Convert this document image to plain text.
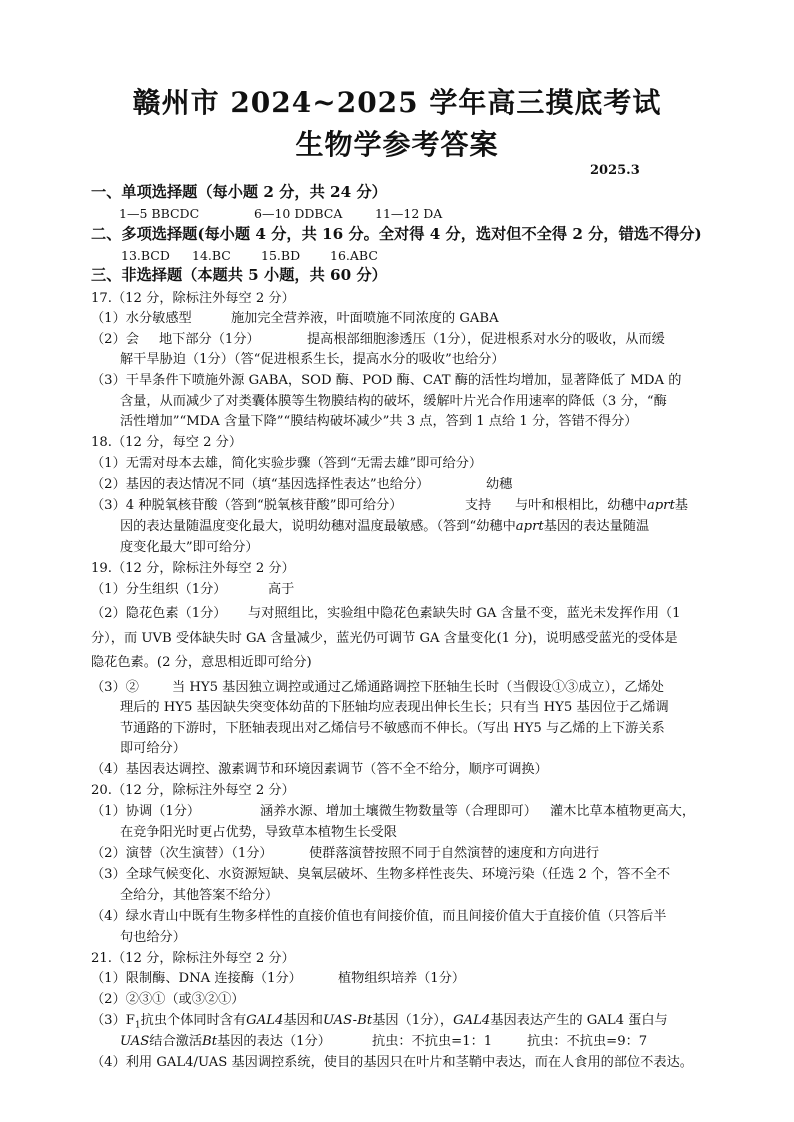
赣州市 2024~2025 学年高三摸底考试
生物学参考答案
2025.3
一、单项选择题（每小题 2 分，共 24 分）
1—5 BBCDC	6—10 DDBCA	11—12 DA
二、多项选择题(每小题 4 分，共 16 分。全对得 4 分，选对但不全得 2 分，错选不得分)
13.BCD 14.BC 15.BD 16.ABC
三、非选择题（本题共 5 小题，共 60 分）
17.（12 分，除标注外每空 2 分）
（1）水分敏感型	施加完全营养液，叶面喷施不同浓度的 GABA
（2）会 地下部分（1分）	提高根部细胞渗透压（1分），促进根系对水分的吸收，从而缓
解干旱胁迫（1分）（答“促进根系生长，提高水分的吸收”也给分）
（3）干旱条件下喷施外源 GABA，SOD 酶、POD 酶、CAT 酶的活性均增加，显著降低了 MDA 的
含量，从而减少了对类囊体膜等生物膜结构的破坏，缓解叶片光合作用速率的降低（3 分，“酶
活性增加”“MDA 含量下降”“膜结构破坏减少”共 3 点，答到 1 点给 1 分，答错不得分）
18.（12 分，每空 2 分）
（1）无需对母本去雄，简化实验步骤（答到“无需去雄”即可给分）
（2）基因的表达情况不同（填“基因选择性表达”也给分）	幼穗
（3）4 种脱氧核苷酸（答到“脱氧核苷酸”即可给分）	支持 与叶和根相比，幼穗中aprt基
因的表达量随温度变化最大，说明幼穗对温度最敏感。（答到“幼穗中aprt基因的表达量随温
度变化最大”即可给分）
19.（12 分，除标注外每空 2 分）
（1）分生组织（1分）	高于
（2）隐花色素（1分） 与对照组比，实验组中隐花色素缺失时 GA 含量不变，蓝光未发挥作用（1
分），而 UVB 受体缺失时 GA 含量减少，蓝光仍可调节 GA 含量变化(1 分)，说明感受蓝光的受体是
隐花色素。(2 分，意思相近即可给分)
（3）②	当 HY5 基因独立调控或通过乙烯通路调控下胚轴生长时（当假设①③成立），乙烯处
理后的 HY5 基因缺失突变体幼苗的下胚轴均应表现出伸长生长；只有当 HY5 基因位于乙烯调
节通路的下游时，下胚轴表现出对乙烯信号不敏感而不伸长。（写出 HY5 与乙烯的上下游关系
即可给分）
（4）基因表达调控、激素调节和环境因素调节（答不全不给分，顺序可调换）
20.（12 分，除标注外每空 2 分）
（1）协调（1分）	涵养水源、增加土壤微生物数量等（合理即可） 灌木比草本植物更高大，
在竞争阳光时更占优势，导致草本植物生长受限
（2）演替（次生演替）（1分）	使群落演替按照不同于自然演替的速度和方向进行
（3）全球气候变化、水资源短缺、臭氧层破坏、生物多样性丧失、环境污染（任选 2 个，答不全不
全给分，其他答案不给分）
（4）绿水青山中既有生物多样性的直接价值也有间接价值，而且间接价值大于直接价值（只答后半
句也给分）
21.（12 分，除标注外每空 2 分）
（1）限制酶、DNA 连接酶（1分）	植物组织培养（1分）
（2）②③①（或③②①）
$(3)F_1$抗虫个体同时含有GAL4基因和UAS-Bt基因（1分），GAL4基因表达产生的 GAL4 蛋白与
UAS结合激活Bt基因的表达（1分）	抗虫：不抗虫=1：1	抗虫：不抗虫=9：7
（4）利用 GAL4/UAS 基因调控系统，使目的基因只在叶片和茎鞘中表达，而在人食用的部位不表达。
